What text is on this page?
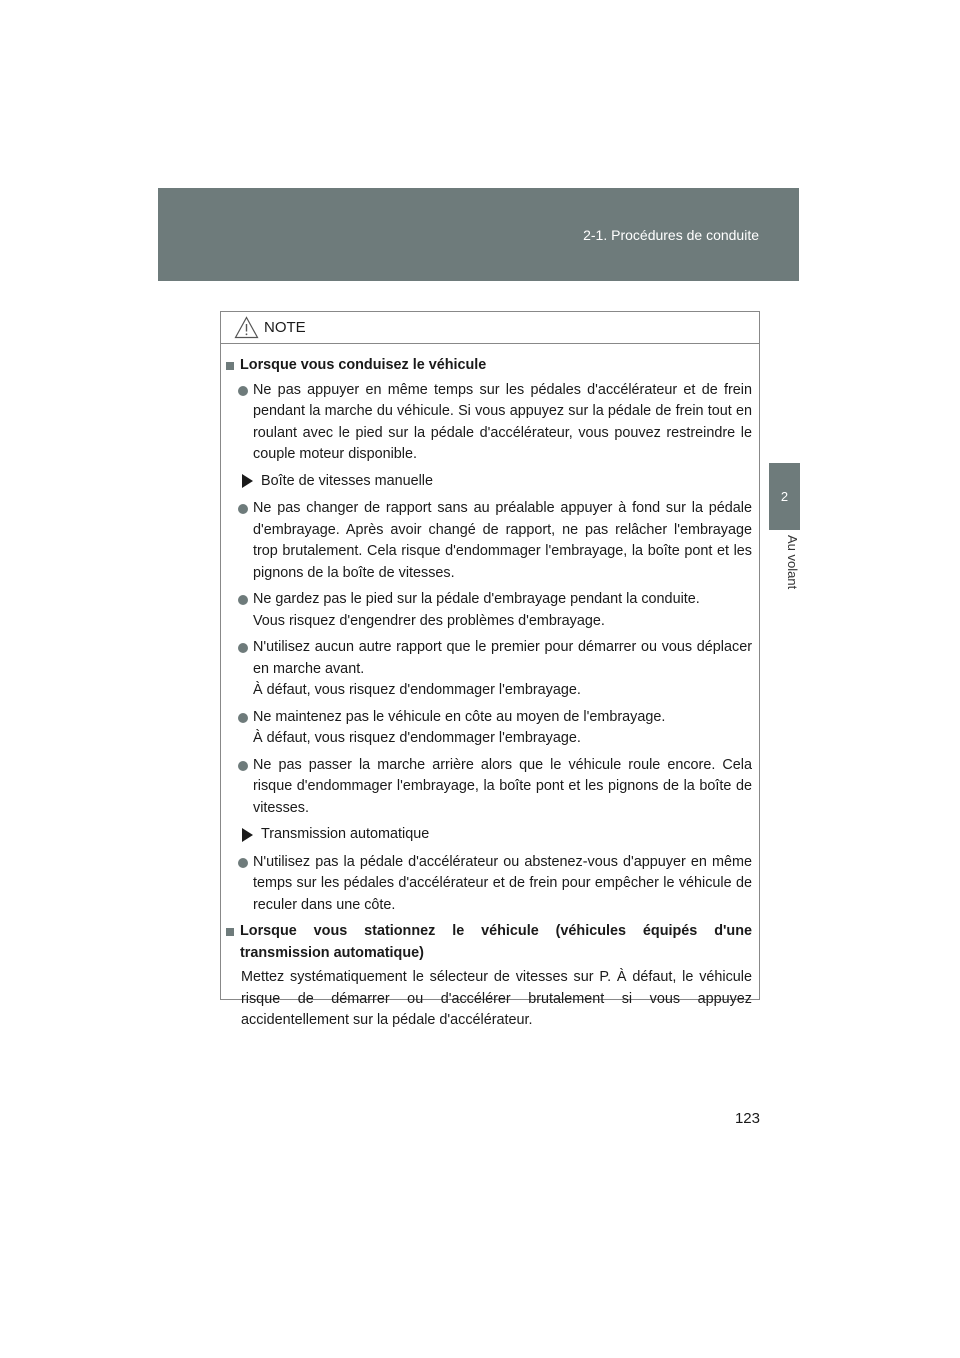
2-1. Procédures de conduite
2
Au volant
NOTE
Lorsque vous conduisez le véhicule
Ne pas appuyer en même temps sur les pédales d'accélérateur et de frein pendant la marche du véhicule. Si vous appuyez sur la pédale de frein tout en roulant avec le pied sur la pédale d'accélérateur, vous pouvez restreindre le couple moteur disponible.
Boîte de vitesses manuelle
Ne pas changer de rapport sans au préalable appuyer à fond sur la pédale d'embrayage. Après avoir changé de rapport, ne pas relâcher l'embrayage trop brutalement. Cela risque d'endommager l'embrayage, la boîte pont et les pignons de la boîte de vitesses.
Ne gardez pas le pied sur la pédale d'embrayage pendant la conduite.
Vous risquez d'engendrer des problèmes d'embrayage.
N'utilisez aucun autre rapport que le premier pour démarrer ou vous déplacer en marche avant.
À défaut, vous risquez d'endommager l'embrayage.
Ne maintenez pas le véhicule en côte au moyen de l'embrayage.
À défaut, vous risquez d'endommager l'embrayage.
Ne pas passer la marche arrière alors que le véhicule roule encore. Cela risque d'endommager l'embrayage, la boîte pont et les pignons de la boîte de vitesses.
Transmission automatique
N'utilisez pas la pédale d'accélérateur ou abstenez-vous d'appuyer en même temps sur les pédales d'accélérateur et de frein pour empêcher le véhicule de reculer dans une côte.
Lorsque vous stationnez le véhicule (véhicules équipés d'une transmission automatique)
Mettez systématiquement le sélecteur de vitesses sur P. À défaut, le véhicule risque de démarrer ou d'accélérer brutalement si vous appuyez accidentellement sur la pédale d'accélérateur.
123
